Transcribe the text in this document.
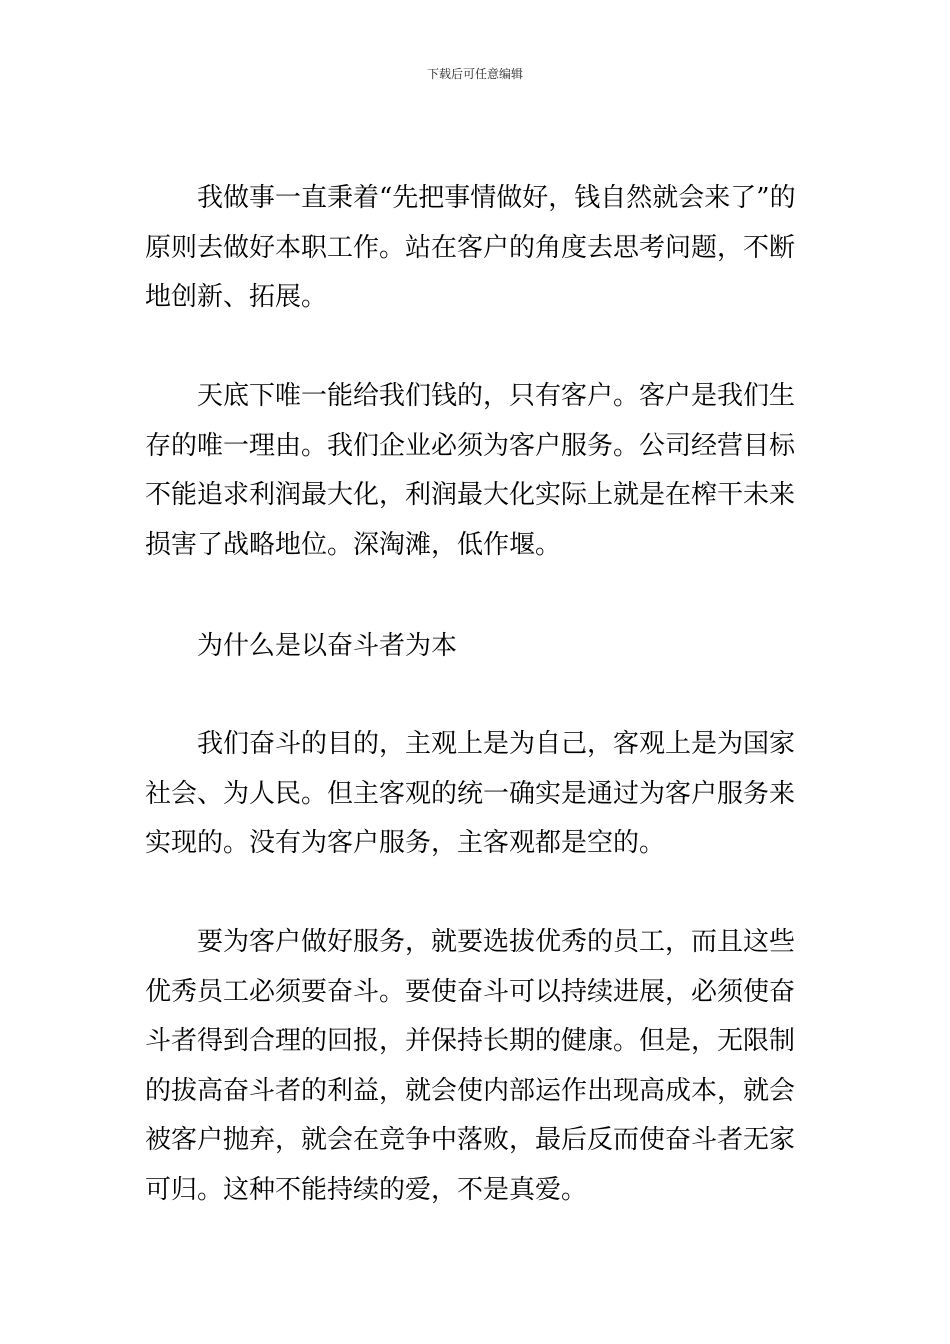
下载后可任意编辑

我做事一直秉着“先把事情做好，钱自然就会来了”的原则去做好本职工作。站在客户的角度去思考问题，不断地创新、拓展。

天底下唯一能给我们钱的，只有客户。客户是我们生存的唯一理由。我们企业必须为客户服务。公司经营目标不能追求利润最大化，利润最大化实际上就是在榨干未来损害了战略地位。深淘滩，低作堰。

为什么是以奋斗者为本

我们奋斗的目的，主观上是为自己，客观上是为国家社会、为人民。但主客观的统一确实是通过为客户服务来实现的。没有为客户服务，主客观都是空的。

要为客户做好服务，就要选拔优秀的员工，而且这些优秀员工必须要奋斗。要使奋斗可以持续进展，必须使奋斗者得到合理的回报，并保持长期的健康。但是，无限制的拔高奋斗者的利益，就会使内部运作出现高成本，就会被客户抛弃，就会在竞争中落败，最后反而使奋斗者无家可归。这种不能持续的爱，不是真爱。
